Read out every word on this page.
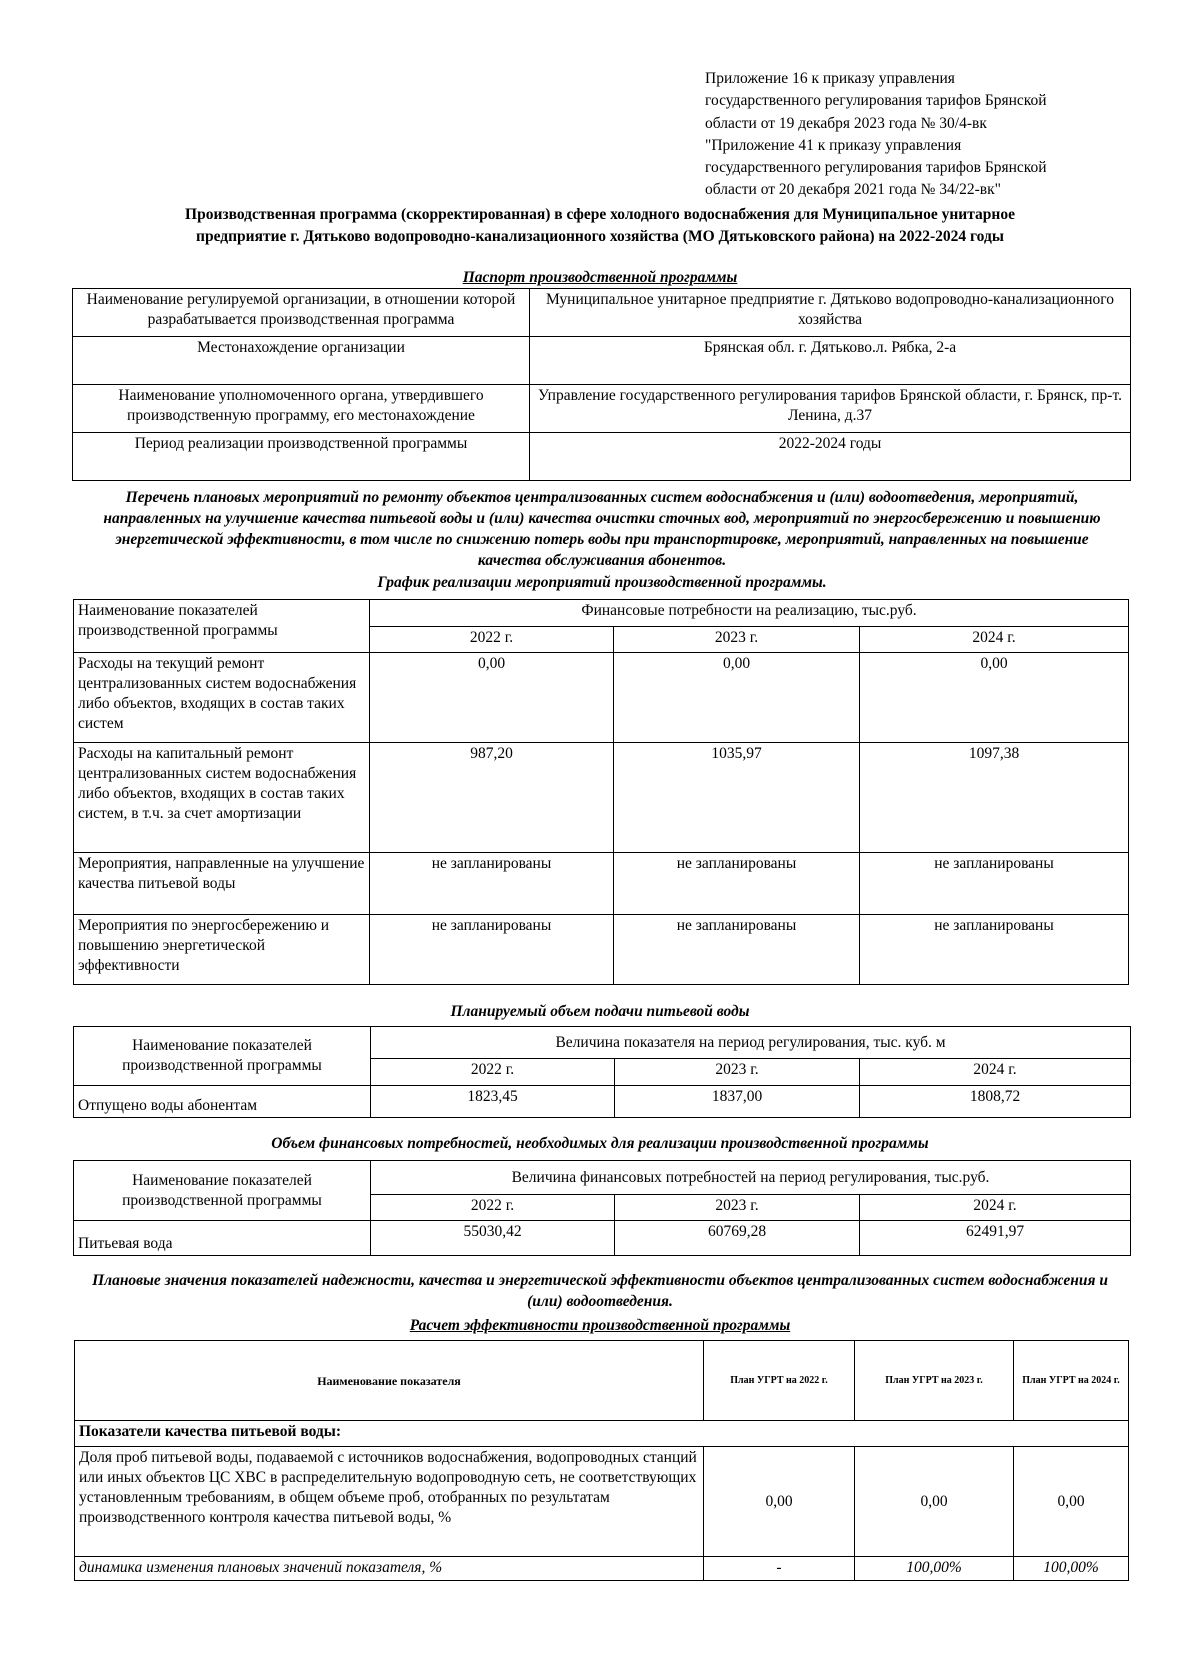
Приложение 16 к приказу управления
государственного регулирования тарифов Брянской
области от 19 декабря 2023 года № 30/4-вк
"Приложение 41 к приказу управления
государственного регулирования тарифов Брянской
области от 20 декабря 2021 года № 34/22-вк"
Производственная программа (скорректированная) в сфере холодного водоснабжения для Муниципальное унитарное
предприятие г. Дятьково водопроводно-канализационного хозяйства (МО Дятьковского района) на 2022-2024 годы
Паспорт производственной программы
Наименование регулируемой организации, в отношении которой разрабатывается производственная программа	Муниципальное унитарное предприятие г. Дятьково водопроводно-канализационного хозяйства
Местонахождение организации	Брянская обл. г. Дятьково.л. Рябка, 2-а
Наименование уполномоченного органа, утвердившего производственную программу, его местонахождение	Управление государственного регулирования тарифов Брянской области, г. Брянск, пр-т. Ленина, д.37
Период реализации производственной программы	2022-2024 годы
Перечень плановых мероприятий по ремонту объектов централизованных систем водоснабжения и (или) водоотведения, мероприятий, направленных на улучшение качества питьевой воды и (или) качества очистки сточных вод, мероприятий по энергосбережению и повышению энергетической эффективности, в том числе по снижению потерь воды при транспортировке, мероприятий, направленных на повышение качества обслуживания абонентов.
График реализации мероприятий производственной программы.
Наименование показателей производственной программы	Финансовые потребности на реализацию, тыс.руб.		
	2022 г.	2023 г.	2024 г.
Расходы на текущий ремонт централизованных систем водоснабжения либо объектов, входящих в состав таких систем	0,00	0,00	0,00
Расходы на капитальный ремонт централизованных систем водоснабжения либо объектов, входящих в состав таких систем, в т.ч. за счет амортизации	987,20	1035,97	1097,38
Мероприятия, направленные на улучшение качества питьевой воды	не запланированы	не запланированы	не запланированы
Мероприятия по энергосбережению и повышению энергетической эффективности	не запланированы	не запланированы	не запланированы
Планируемый объем подачи питьевой воды
Наименование показателей производственной программы	Величина показателя на период регулирования, тыс. куб. м		
	2022 г.	2023 г.	2024 г.
Отпущено воды абонентам	1823,45	1837,00	1808,72
Объем финансовых потребностей, необходимых для реализации производственной программы
Наименование показателей производственной программы	Величина финансовых потребностей на период регулирования, тыс.руб.		
	2022 г.	2023 г.	2024 г.
Питьевая вода	55030,42	60769,28	62491,97
Плановые значения показателей надежности, качества и энергетической эффективности объектов централизованных систем водоснабжения и (или) водоотведения.
Расчет эффективности производственной программы
Наименование показателя	План УГРТ на 2022 г.	План УГРТ на 2023 г.	План УГРТ на 2024 г.
Показатели качества питьевой воды:			
Доля проб питьевой воды, подаваемой с источников водоснабжения, водопроводных станций или иных объектов ЦС ХВС в распределительную водопроводную сеть, не соответствующих установленным требованиям, в общем объеме проб, отобранных по результатам производственного контроля качества питьевой воды, %	0,00	0,00	0,00
динамика изменения плановых значений показателя, %	-	100,00%	100,00%
